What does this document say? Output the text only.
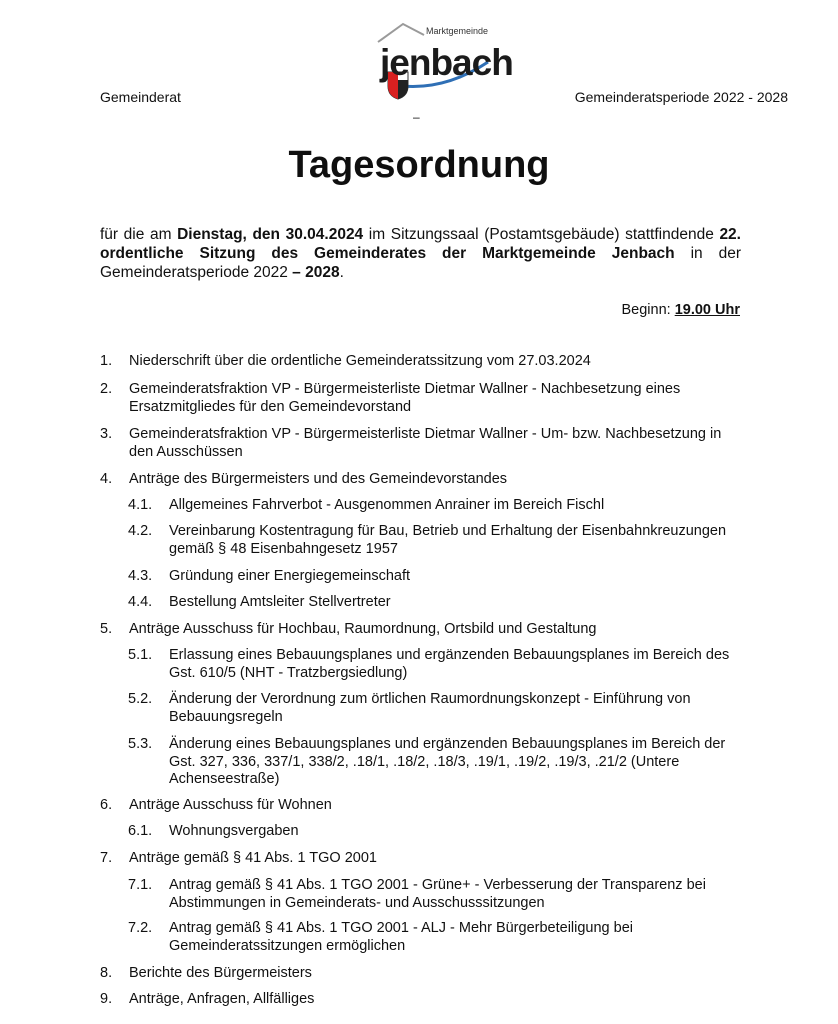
Marktgemeinde
jenbach
Gemeinderat	Gemeinderatsperiode 2022 - 2028
–
Tagesordnung
für die am Dienstag, den 30.04.2024 im Sitzungssaal (Postamtsgebäude) stattfindende 22. ordentliche Sitzung des Gemeinderates der Marktgemeinde Jenbach in der Gemeinderatsperiode 2022 – 2028.
Beginn: 19.00 Uhr
1. Niederschrift über die ordentliche Gemeinderatssitzung vom 27.03.2024
2. Gemeinderatsfraktion VP - Bürgermeisterliste Dietmar Wallner - Nachbesetzung eines Ersatzmitgliedes für den Gemeindevorstand
3. Gemeinderatsfraktion VP - Bürgermeisterliste Dietmar Wallner - Um- bzw. Nachbesetzung in den Ausschüssen
4. Anträge des Bürgermeisters und des Gemeindevorstandes
4.1. Allgemeines Fahrverbot - Ausgenommen Anrainer im Bereich Fischl
4.2. Vereinbarung Kostentragung für Bau, Betrieb und Erhaltung der Eisenbahnkreuzungen gemäß § 48 Eisenbahngesetz 1957
4.3. Gründung einer Energiegemeinschaft
4.4. Bestellung Amtsleiter Stellvertreter
5. Anträge Ausschuss für Hochbau, Raumordnung, Ortsbild und Gestaltung
5.1. Erlassung eines Bebauungsplanes und ergänzenden Bebauungsplanes im Bereich des Gst. 610/5 (NHT - Tratzbergsiedlung)
5.2. Änderung der Verordnung zum örtlichen Raumordnungskonzept - Einführung von Bebauungsregeln
5.3. Änderung eines Bebauungsplanes und ergänzenden Bebauungsplanes im Bereich der Gst. 327, 336, 337/1, 338/2, .18/1, .18/2, .18/3, .19/1, .19/2, .19/3, .21/2 (Untere Achenseestraße)
6. Anträge Ausschuss für Wohnen
6.1. Wohnungsvergaben
7. Anträge gemäß § 41 Abs. 1 TGO 2001
7.1. Antrag gemäß § 41 Abs. 1 TGO 2001 - Grüne+ - Verbesserung der Transparenz bei Abstimmungen in Gemeinderats- und Ausschusssitzungen
7.2. Antrag gemäß § 41 Abs. 1 TGO 2001 - ALJ - Mehr Bürgerbeteiligung bei Gemeinderatssitzungen ermöglichen
8. Berichte des Bürgermeisters
9. Anträge, Anfragen, Allfälliges
